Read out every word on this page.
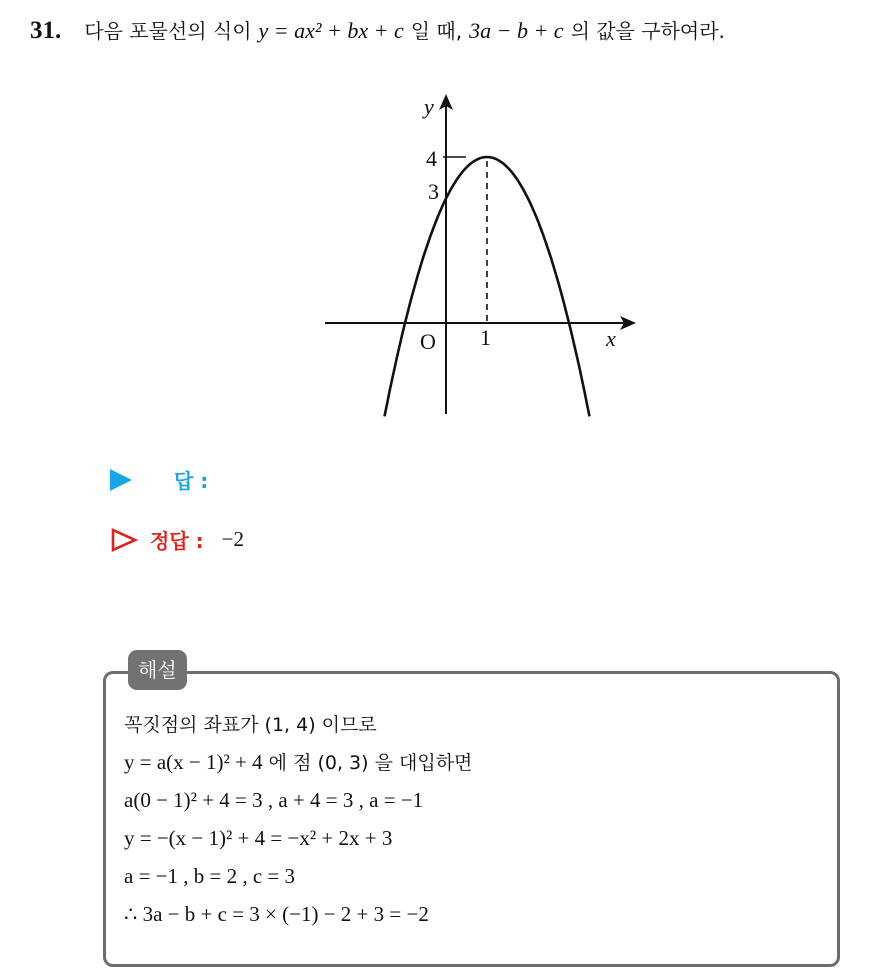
31. 다음 포물선의 식이 y = ax² + bx + c 일 때, 3a − b + c 의 값을 구하여라.
y
x
O 1
4
3
답 :
정답 : −2
해설
꼭짓점의 좌표가 (1, 4) 이므로
y = a(x − 1)² + 4 에 점 (0, 3) 을 대입하면
a(0 − 1)² + 4 = 3 , a + 4 = 3 , a = −1
y = −(x − 1)² + 4 = −x² + 2x + 3
a = −1 , b = 2 , c = 3
∴ 3a − b + c = 3 × (−1) − 2 + 3 = −2
